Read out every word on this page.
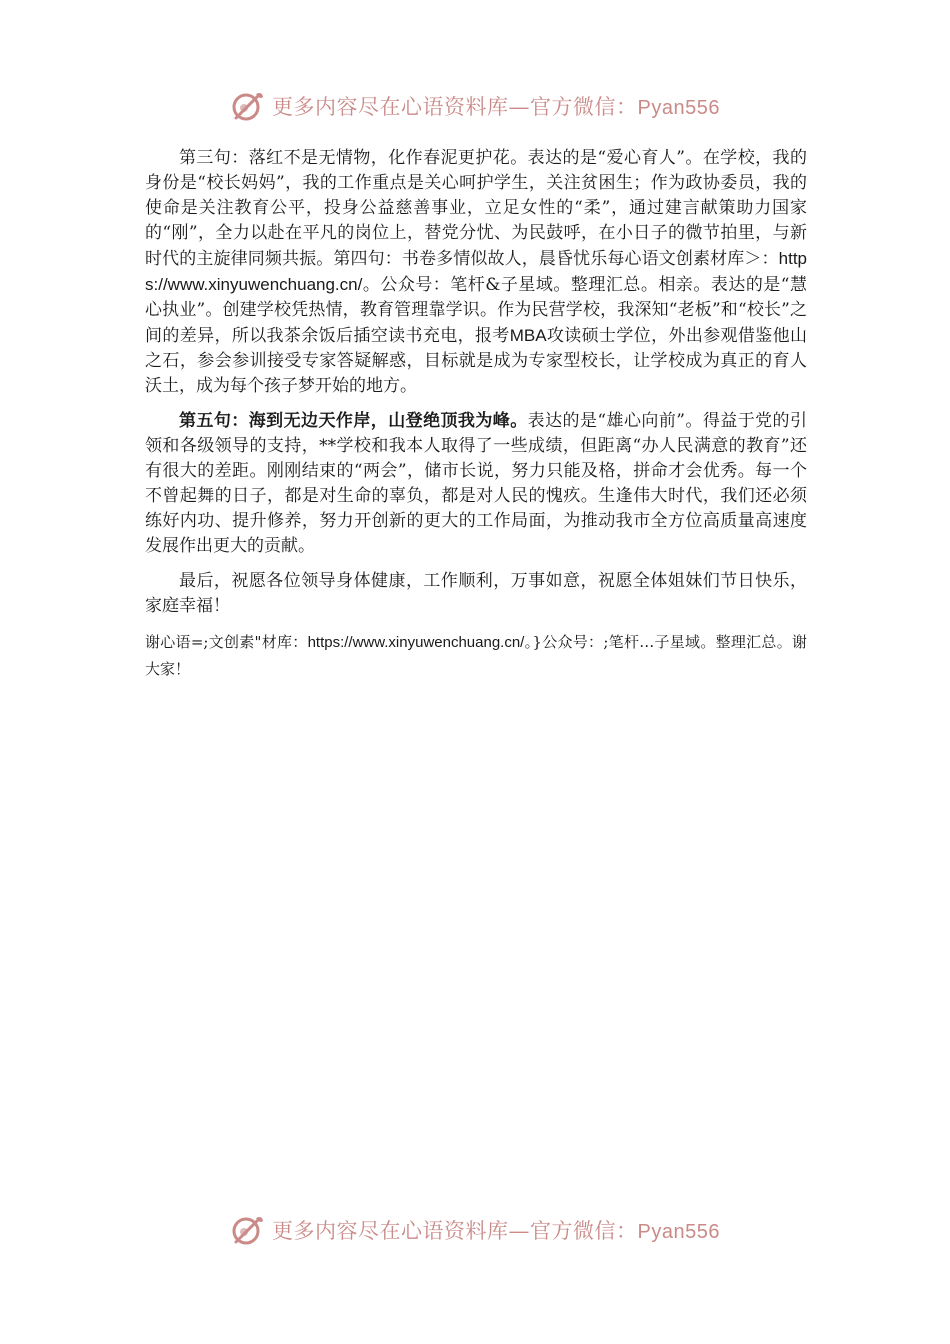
更多内容尽在心语资料库—官方微信：Pyan556

第三句：落红不是无情物，化作春泥更护花。表达的是“爱心育人”。在学校，我的身份是“校长妈妈”，我的工作重点是关心呵护学生，关注贫困生；作为政协委员，我的使命是关注教育公平，投身公益慈善事业，立足女性的“柔”，通过建言献策助力国家的“刚”，全力以赴在平凡的岗位上，替党分忧、为民鼓呼，在小日子的微节拍里，与新时代的主旋律同频共振。第四句：书卷多情似故人，晨昏忧乐每心语文创素材库＞：https://www.xinyuwenchuang.cn/。公众号：笔杆&子星域。整理汇总。相亲。表达的是“慧心执业”。创建学校凭热情，教育管理靠学识。作为民营学校，我深知“老板”和“校长”之间的差异，所以我茶余饭后插空读书充电，报考MBA攻读硕士学位，外出参观借鉴他山之石，参会参训接受专家答疑解惑，目标就是成为专家型校长，让学校成为真正的育人沃土，成为每个孩子梦开始的地方。

第五句：海到无边天作岸，山登绝顶我为峰。表达的是“雄心向前”。得益于党的引领和各级领导的支持，**学校和我本人取得了一些成绩，但距离“办人民满意的教育”还有很大的差距。刚刚结束的“两会”，储市长说，努力只能及格，拼命才会优秀。每一个不曾起舞的日子，都是对生命的辜负，都是对人民的愧疚。生逢伟大时代，我们还必须练好内功、提升修养，努力开创新的更大的工作局面，为推动我市全方位高质量高速度发展作出更大的贡献。

最后，祝愿各位领导身体健康，工作顺利，万事如意，祝愿全体姐妹们节日快乐，家庭幸福！

谢心语=;文创素"材库：https://www.xinyuwenchuang.cn/。}公众号：;笔杆…子星域。整理汇总。谢大家！

更多内容尽在心语资料库—官方微信：Pyan556
